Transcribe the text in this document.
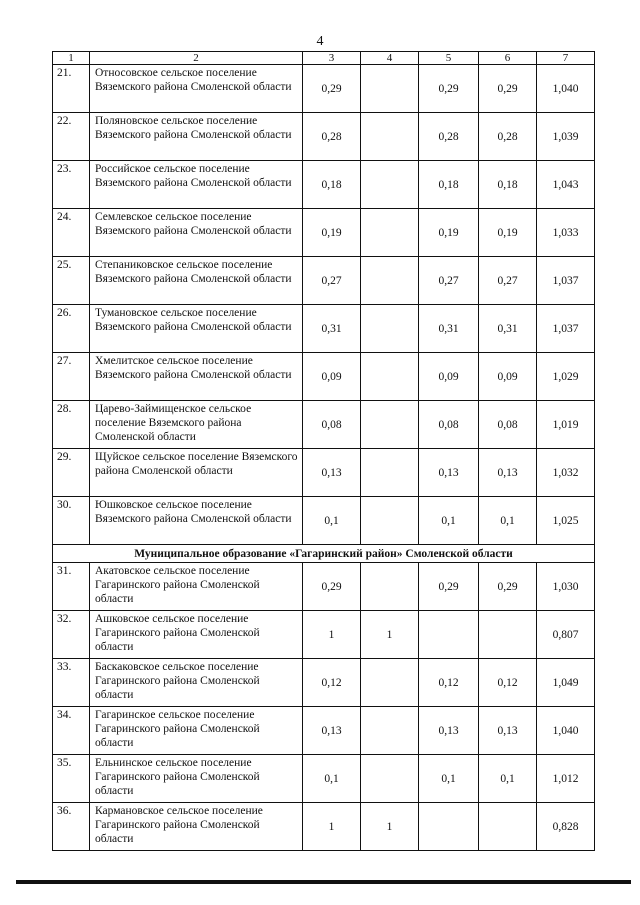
4
1	2	3	4	5	6	7
21.	Относовское сельское поселение Вяземского района Смоленской области	0,29		0,29	0,29	1,040
22.	Поляновское сельское поселение Вяземского района Смоленской области	0,28		0,28	0,28	1,039
23.	Российское сельское поселение Вяземского района Смоленской области	0,18		0,18	0,18	1,043
24.	Семлевское сельское поселение Вяземского района Смоленской области	0,19		0,19	0,19	1,033
25.	Степаниковское сельское поселение Вяземского района Смоленской области	0,27		0,27	0,27	1,037
26.	Тумановское сельское поселение Вяземского района Смоленской области	0,31		0,31	0,31	1,037
27.	Хмелитское сельское поселение Вяземского района Смоленской области	0,09		0,09	0,09	1,029
28.	Царево-Займищенское сельское поселение Вяземского района Смоленской области	0,08		0,08	0,08	1,019
29.	Щуйское сельское поселение Вяземского района Смоленской области	0,13		0,13	0,13	1,032
30.	Юшковское сельское поселение Вяземского района Смоленской области	0,1		0,1	0,1	1,025
Муниципальное образование «Гагаринский район» Смоленской области						
31.	Акатовское сельское поселение Гагаринского района Смоленской области	0,29		0,29	0,29	1,030
32.	Ашковское сельское поселение Гагаринского района Смоленской области	1	1			0,807
33.	Баскаковское сельское поселение Гагаринского района Смоленской области	0,12		0,12	0,12	1,049
34.	Гагаринское сельское поселение Гагаринского района Смоленской области	0,13		0,13	0,13	1,040
35.	Ельнинское сельское поселение Гагаринского района Смоленской области	0,1		0,1	0,1	1,012
36.	Кармановское сельское поселение Гагаринского района Смоленской области	1	1			0,828
